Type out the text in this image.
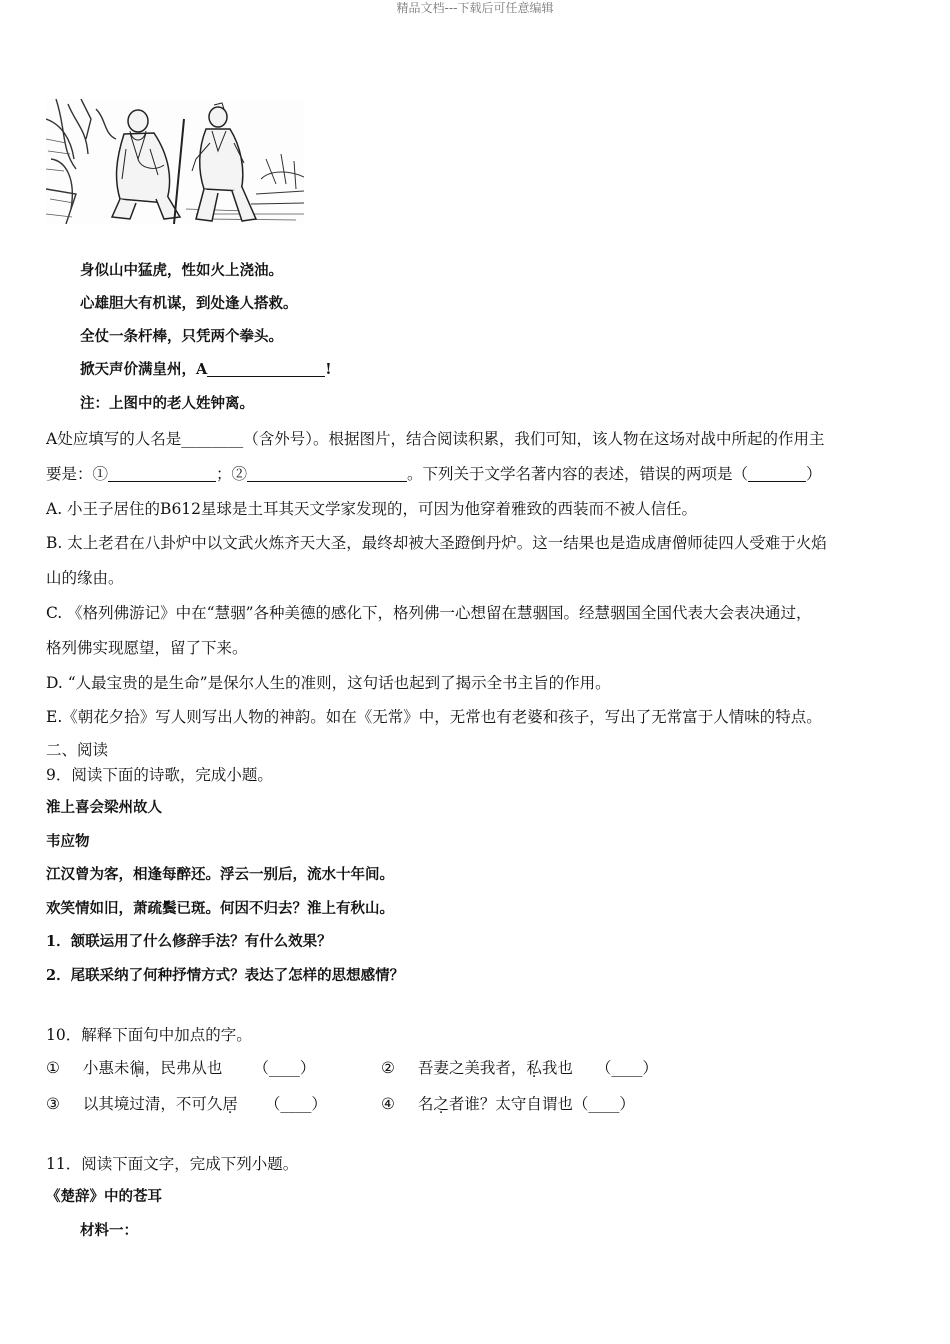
精品文档---下载后可任意编辑
身似山中猛虎，性如火上浇油。
心雄胆大有机谋，到处逢人搭救。
全仗一条杆棒，只凭两个拳头。
掀天声价满皇州，A	!
注：上图中的老人姓钟离。
A处应填写的人名是________（含外号）。根据图片，结合阅读积累，我们可知，该人物在这场对战中所起的作用主
要是：①	；②	。下列关于文学名著内容的表述，错误的两项是（	）
A. 小王子居住的B612星球是土耳其天文学家发现的，可因为他穿着雅致的西装而不被人信任。
B. 太上老君在八卦炉中以文武火炼齐天大圣，最终却被大圣蹬倒丹炉。这一结果也是造成唐僧师徒四人受难于火焰
山的缘由。
C. 《格列佛游记》中在“慧骃”各种美德的感化下，格列佛一心想留在慧骃国。经慧骃国全国代表大会表决通过，
格列佛实现愿望，留了下来。
D. “人最宝贵的是生命”是保尔人生的准则，这句话也起到了揭示全书主旨的作用。
E.《朝花夕拾》写人则写出人物的神韵。如在《无常》中，无常也有老婆和孩子，写出了无常富于人情味的特点。
二、阅读
9．阅读下面的诗歌，完成小题。
淮上喜会梁州故人
韦应物
江汉曾为客，相逢每醉还。浮云一别后，流水十年间。
欢笑情如旧，萧疏鬓已斑。何因不归去？淮上有秋山。
1．颔联运用了什么修辞手法？有什么效果？
2．尾联采纳了何种抒情方式？表达了怎样的思想感情？
10．解释下面句中加点的字。
① 小惠未徧，民弗从也 （____）	② 吾妻之美我者，私我也 （____）
③ 以其境过清，不可久居 （____）	④ 名之者谁？太守自谓也（____）
11．阅读下面文字，完成下列小题。
《楚辞》中的苍耳
材料一：
